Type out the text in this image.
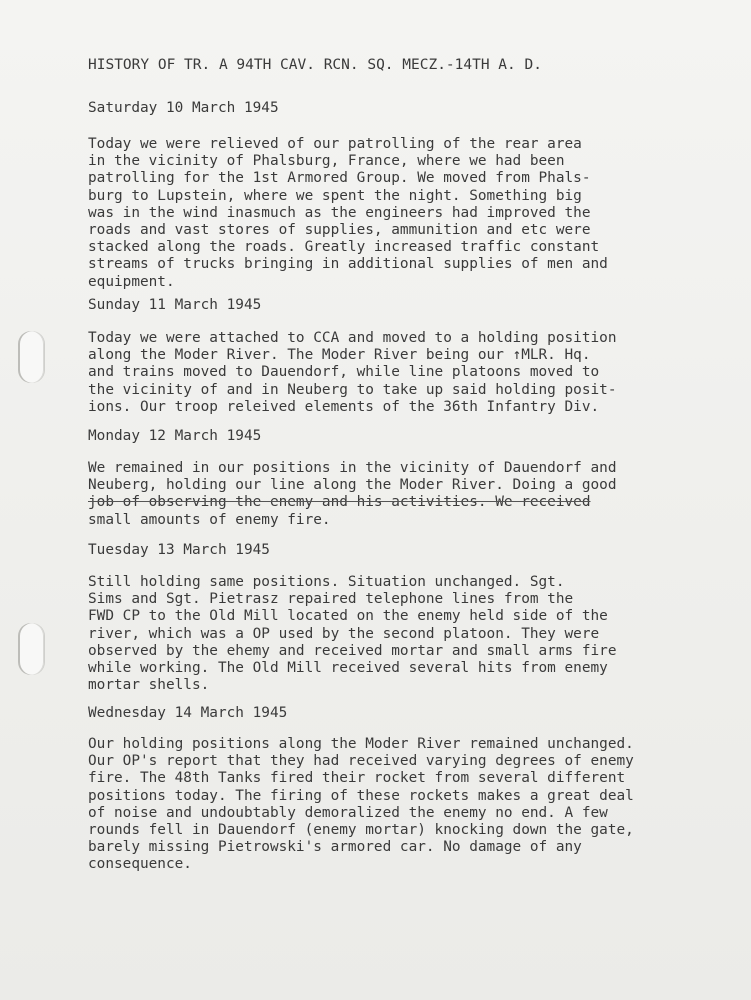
HISTORY OF TR. A 94TH CAV. RCN. SQ. MECZ.-14TH A. D.
Saturday 10 March 1945
Today we were relieved of our patrolling of the rear area
in the vicinity of Phalsburg, France, where we had been
patrolling for the 1st Armored Group. We moved from Phals-
burg to Lupstein, where we spent the night. Something big
was in the wind inasmuch as the engineers had improved the
roads and vast stores of supplies, ammunition and etc were
stacked along the roads. Greatly increased traffic constant
streams of trucks bringing in additional supplies of men and
equipment.
Sunday 11 March 1945
Today we were attached to CCA and moved to a holding position
along the Moder River. The Moder River being our ↑MLR. Hq.
and trains moved to Dauendorf, while line platoons moved to
the vicinity of and in Neuberg to take up said holding posit-
ions. Our troop releived elements of the 36th Infantry Div.
Monday 12 March 1945
We remained in our positions in the vicinity of Dauendorf and
Neuberg, holding our line along the Moder River. Doing a good
job of observing the enemy and his activities. We received
small amounts of enemy fire.
Tuesday 13 March 1945
Still holding same positions. Situation unchanged. Sgt.
Sims and Sgt. Pietrasz repaired telephone lines from the
FWD CP to the Old Mill located on the enemy held side of the
river, which was a OP used by the second platoon. They were
observed by the ehemy and received mortar and small arms fire
while working. The Old Mill received several hits from enemy
mortar shells.
Wednesday 14 March 1945
Our holding positions along the Moder River remained unchanged.
Our OP's report that they had received varying degrees of enemy
fire. The 48th Tanks fired their rocket from several different
positions today. The firing of these rockets makes a great deal
of noise and undoubtably demoralized the enemy no end. A few
rounds fell in Dauendorf (enemy mortar) knocking down the gate,
barely missing Pietrowski's armored car. No damage of any
consequence.
